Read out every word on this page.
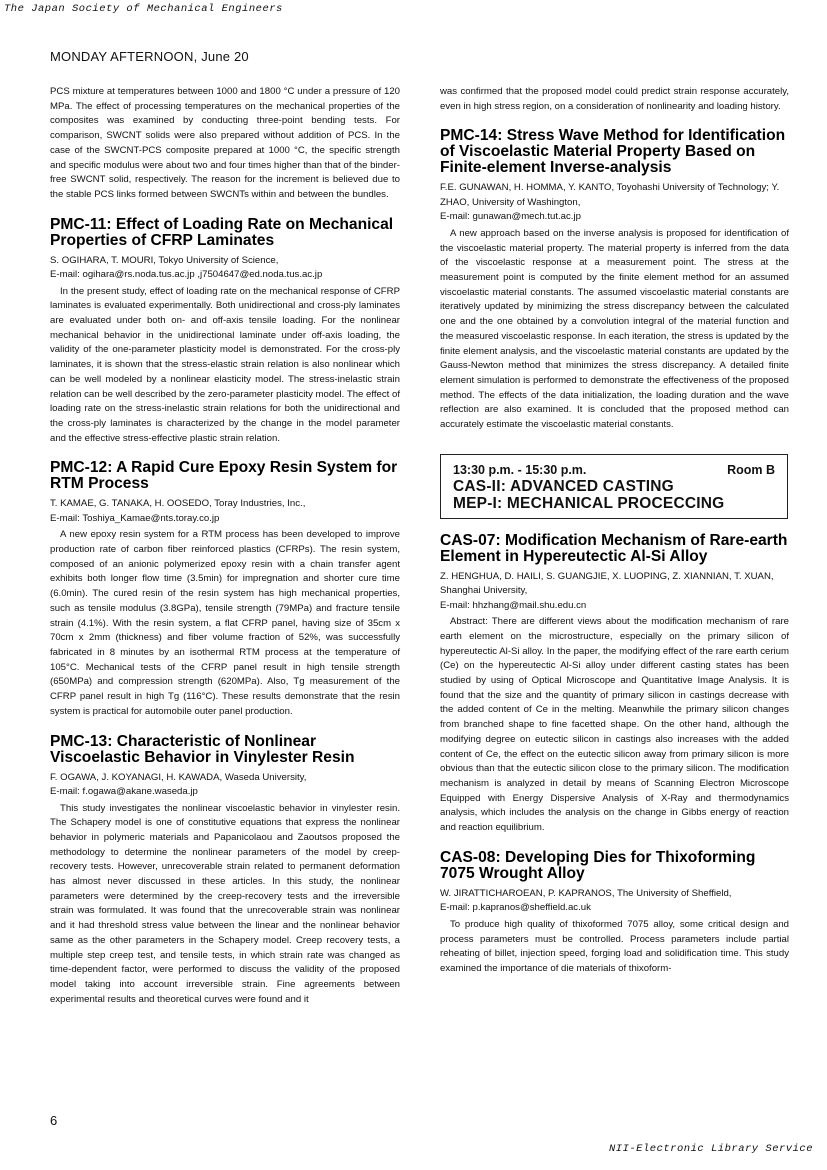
The Japan Society of Mechanical Engineers
MONDAY AFTERNOON, June 20

PCS mixture at temperatures between 1000 and 1800 °C under a pressure of 120 MPa. The effect of processing temperatures on the mechanical properties of the composites was examined by conducting three-point bending tests. For comparison, SWCNT solids were also prepared without addition of PCS. In the case of the SWCNT-PCS composite prepared at 1000 °C, the specific strength and specific modulus were about two and four times higher than that of the binder-free SWCNT solid, respectively. The reason for the increment is believed due to the stable PCS links formed between SWCNTs within and between the bundles.

PMC-11: Effect of Loading Rate on Mechanical Properties of CFRP Laminates

S. OGIHARA, T. MOURI, Tokyo University of Science,

E-mail: ogihara@rs.noda.tus.ac.jp ,j7504647@ed.noda.tus.ac.jp

In the present study, effect of loading rate on the mechanical response of CFRP laminates is evaluated experimentally. Both unidirectional and cross-ply laminates are evaluated under both on- and off-axis tensile loading. For the nonlinear mechanical behavior in the unidirectional laminate under off-axis loading, the validity of the one-parameter plasticity model is demonstrated. For the cross-ply laminates, it is shown that the stress-elastic strain relation is also nonlinear which can be well modeled by a nonlinear elasticity model. The stress-inelastic strain relation can be well described by the zero-parameter plasticity model. The effect of loading rate on the stress-inelastic strain relations for both the unidirectional and the cross-ply laminates is characterized by the change in the model parameter and the effective stress-effective plastic strain relation.

PMC-12: A Rapid Cure Epoxy Resin System for RTM Process

T. KAMAE, G. TANAKA, H. OOSEDO, Toray Industries, Inc.,

E-mail: Toshiya_Kamae@nts.toray.co.jp

A new epoxy resin system for a RTM process has been developed to improve production rate of carbon fiber reinforced plastics (CFRPs). The resin system, composed of an anionic polymerized epoxy resin with a chain transfer agent exhibits both longer flow time (3.5min) for impregnation and shorter cure time (6.0min). The cured resin of the resin system has high mechanical properties, such as tensile modulus (3.8GPa), tensile strength (79MPa) and fracture tensile strain (4.1%). With the resin system, a flat CFRP panel, having size of 35cm x 70cm x 2mm (thickness) and fiber volume fraction of 52%, was successfully fabricated in 8 minutes by an isothermal RTM process at the temperature of 105°C. Mechanical tests of the CFRP panel result in high tensile strength (650MPa) and compression strength (620MPa). Also, Tg measurement of the CFRP panel result in high Tg (116°C). These results demonstrate that the resin system is practical for automobile outer panel production.

PMC-13: Characteristic of Nonlinear Viscoelastic Behavior in Vinylester Resin

F. OGAWA, J. KOYANAGI, H. KAWADA, Waseda University,

E-mail: f.ogawa@akane.waseda.jp

This study investigates the nonlinear viscoelastic behavior in vinylester resin. The Schapery model is one of constitutive equations that express the nonlinear behavior in polymeric materials and Papanicolaou and Zaoutsos proposed the methodology to determine the nonlinear parameters of the model by creep-recovery tests. However, unrecoverable strain related to permanent deformation has almost never discussed in these articles. In this study, the nonlinear parameters were determined by the creep-recovery tests and the irreversible strain was formulated. It was found that the unrecoverable strain was nonlinear and it had threshold stress value between the linear and the nonlinear behavior same as the other parameters in the Schapery model. Creep recovery tests, a multiple step creep test, and tensile tests, in which strain rate was changed as time-dependent factor, were performed to discuss the validity of the proposed model taking into account irreversible strain. Fine agreements between experimental results and theoretical curves were found and it

was confirmed that the proposed model could predict strain response accurately, even in high stress region, on a consideration of nonlinearity and loading history.

PMC-14: Stress Wave Method for Identification of Viscoelastic Material Property Based on Finite-element Inverse-analysis

F.E. GUNAWAN, H. HOMMA, Y. KANTO, Toyohashi University of Technology; Y. ZHAO, University of Washington,

E-mail: gunawan@mech.tut.ac.jp

A new approach based on the inverse analysis is proposed for identification of the viscoelastic material property. The material property is inferred from the data of the viscoelastic response at a measurement point. The stress at the measurement point is computed by the finite element method for an assumed viscoelastic material constants. The assumed viscoelastic material constants are iteratively updated by minimizing the stress discrepancy between the calculated one and the one obtained by a convolution integral of the material function and the measured viscoelastic response. In each iteration, the stress is updated by the finite element analysis, and the viscoelastic material constants are updated by the Gauss-Newton method that minimizes the stress discrepancy. A detailed finite element simulation is performed to demonstrate the effectiveness of the proposed method. The effects of the data initialization, the loading duration and the wave reflection are also examined. It is concluded that the proposed method can accurately estimate the viscoelastic material constants.

13:30 p.m. - 15:30 p.m.	Room B
CAS-II: ADVANCED CASTING
MEP-I: MECHANICAL PROCECCING
CAS-07: Modification Mechanism of Rare-earth Element in Hypereutectic Al-Si Alloy

Z. HENGHUA, D. HAILI, S. GUANGJIE, X. LUOPING, Z. XIANNIAN, T. XUAN, Shanghai University,

E-mail: hhzhang@mail.shu.edu.cn

Abstract: There are different views about the modification mechanism of rare earth element on the microstructure, especially on the primary silicon of hypereutectic Al-Si alloy. In the paper, the modifying effect of the rare earth cerium (Ce) on the hypereutectic Al-Si alloy under different casting states has been studied by using of Optical Microscope and Quantitative Image Analysis. It is found that the size and the quantity of primary silicon in castings decrease with the added content of Ce in the melting. Meanwhile the primary silicon changes from branched shape to fine facetted shape. On the other hand, although the modifying degree on eutectic silicon in castings also increases with the added content of Ce, the effect on the eutectic silicon away from primary silicon is more obvious than that the eutectic silicon close to the primary silicon. The modification mechanism is analyzed in detail by means of Scanning Electron Microscope Equipped with Energy Dispersive Analysis of X-Ray and thermodynamics analysis, which includes the analysis on the change in Gibbs energy of reaction and reaction equilibrium.

CAS-08: Developing Dies for Thixoforming 7075 Wrought Alloy

W. JIRATTICHAROEAN, P. KAPRANOS, The University of Sheffield,

E-mail: p.kapranos@sheffield.ac.uk

To produce high quality of thixoformed 7075 alloy, some critical design and process parameters must be controlled. Process parameters include partial reheating of billet, injection speed, forging load and solidification time. This study examined the importance of die materials of thixoform-

6
NII-Electronic Library Service
